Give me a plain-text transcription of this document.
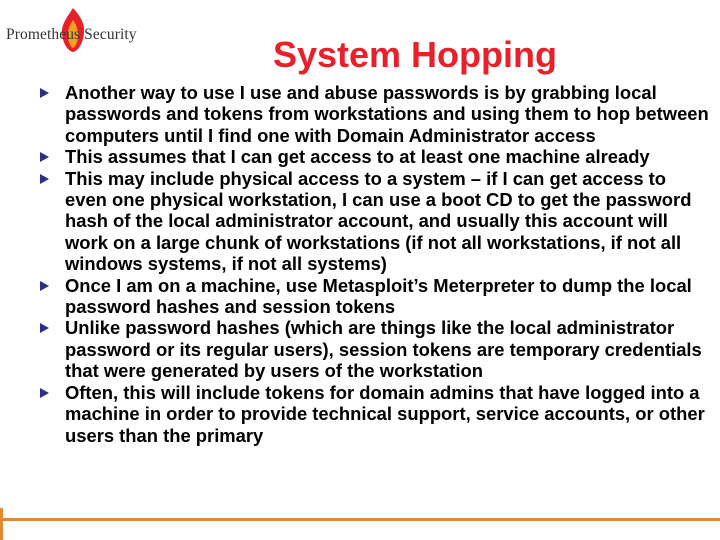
Prometheus Security	System Hopping
Another way to use I use and abuse passwords is by grabbing local passwords and tokens from workstations and using them to hop between computers until I find one with Domain Administrator access
This assumes that I can get access to at least one machine already
This may include physical access to a system – if I can get access to even one physical workstation, I can use a boot CD to get the password hash of the local administrator account, and usually this account will work on a large chunk of workstations (if not all workstations, if not all windows systems, if not all systems)
Once I am on a machine, use Metasploit’s Meterpreter to dump the local password hashes and session tokens
Unlike password hashes (which are things like the local administrator password or its regular users), session tokens are temporary credentials that were generated by users of the workstation
Often, this will include tokens for domain admins that have logged into a machine in order to provide technical support, service accounts, or other users than the primary
